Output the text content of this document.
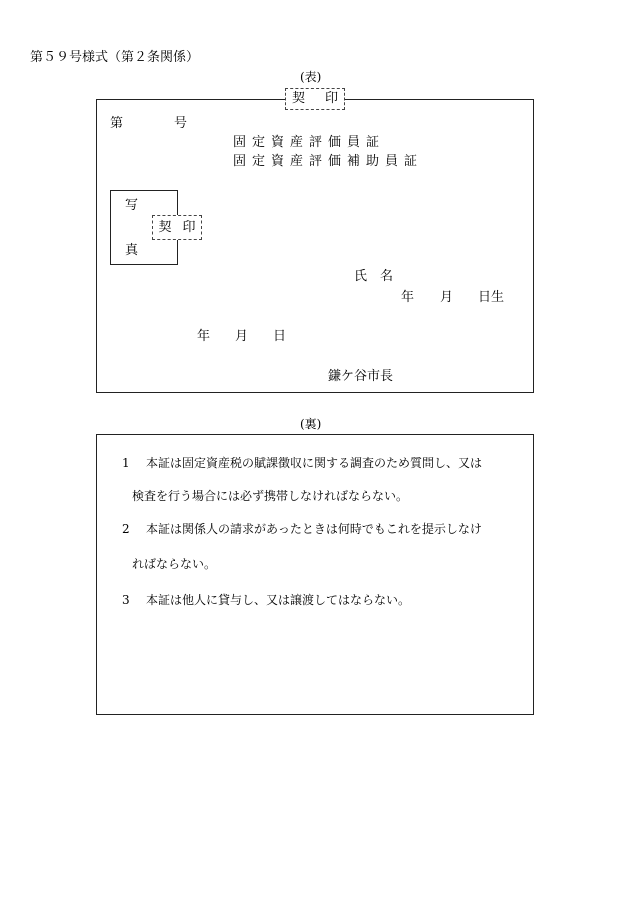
第５９号様式（第２条関係）
(表)
契 印
第	号
固定資産評価員証
固定資産評価補助員証
写
真
契 印
氏　名
年 月 日生
年 月 日
鎌ケ谷市長
(裏)
1 本証は固定資産税の賦課徴収に関する調査のため質問し、又は
検査を行う場合には必ず携帯しなければならない。
2 本証は関係人の請求があったときは何時でもこれを提示しなけ
ればならない。
3 本証は他人に貸与し、又は譲渡してはならない。
